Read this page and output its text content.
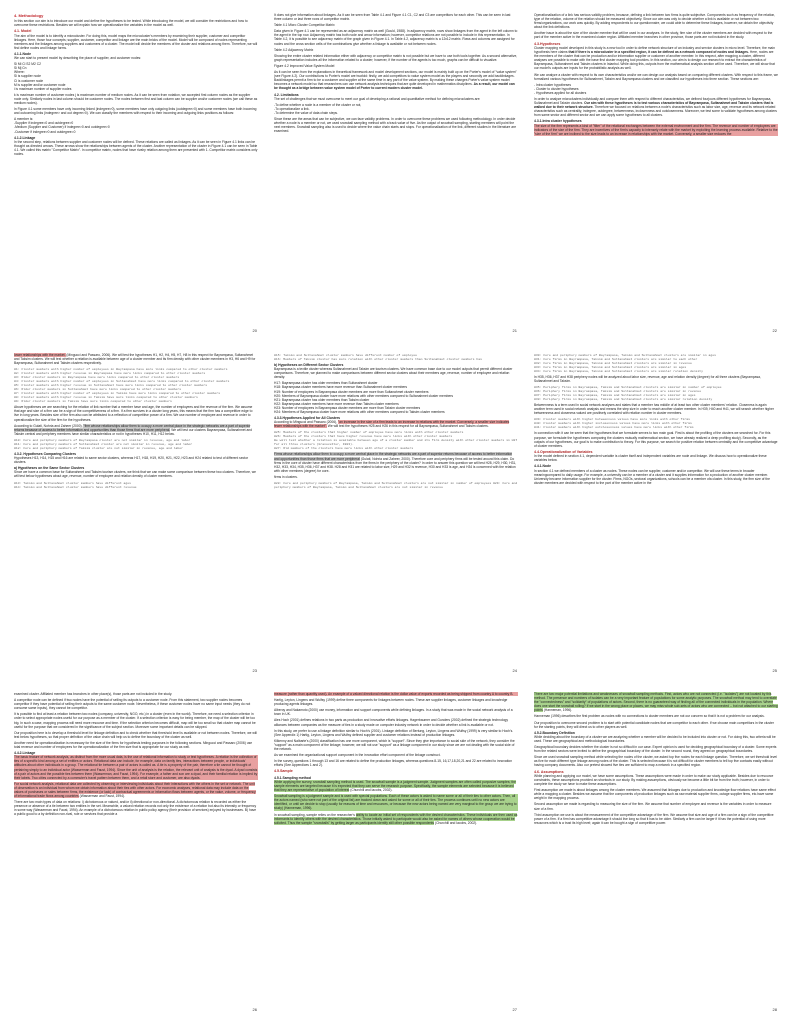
4. Methodology
In this section our aim is to introduce our model and define the hypotheses to be tested. While introducing the model, we will consider the restrictions and how to overcome these restrictions. Besides we will explain how we operationalize the variables in the model as well.
4.1. Model
The aim of the model is to identify a microcluster. For doing this, model maps the microcluster's members by examining their supplier, customer and competitor linkages. Here, those four concepts; supplier, customer, competitor and linkage are the main bricks of the model. Model will be composed of nodes representing members and the linkages among suppliers and customers of a cluster. The model will decide the members of the cluster and relations among them. Therefore, we will find define nodes and linkage forms.
4.1.1.Node
We can start to present model by describing the place of supplier, and customer nodes:
Si Mi Ci S2 M2 C2
Si Mj Cn
Where:
Si is supplier node
Ci is customer node
M is supplier and/or customer node
i is maximum number of supplier nodes
k is maximum number of customer nodes j is maximum number of medium nodes. As it can be seen from notation, we accepted first column nodes as the supplier node only. Similarly nodes in last column should be customer nodes. The nodes between first and last column can be supplier and/or customer nodes (we call these as medium nodes).
In Figure 4.1 some members have only incoming linked (indegree>0), some members have only outgoing links (outdegree>0) and some members have both incoming and outcoming links (indegree> and out degree>0). We can classify the members with respect to their incoming and outgoing links positions as follows:
A member is:
-Supplier if indegree=0 and outdegree>0
-Medium (Supplier and Customer) if indegree>0 and outdegree>0
-Customer if indegree>0 and outdegree=0
4.1.2.Linkage
In the second step, relations between supplier and customer nodes will be defined. These relations are called as linkages. As it can be seen in Figure 4.1 links can be thought as directed arrows. These arrows show the relationships between agents of the cluster. Another representation of the cluster in Figure 4.1 can be seen in Table 4.1. We called this matrix "Competitor Matrix". In competitor matrix, nodes that have rivalry relation among them are presented with 1. Competitor matrix considers only nodes.
20
It does not give information about linkages. As it can be seen from Table 4.1 and Figure 4.1 C1, C2 and C3 are competitors for each other. This can be seen in last three column or last three rows of competitor matrix.
Table 4.1 Micro Cluster Competitor Matrix
Data given in Figure 4.1 can be represented as an adjacency matrix as well (Gould, 1988). In adjacency matrix, rows show linkages from the agent in the left column to the agent in the top row. Adjacency matrix has both node and arrow information; however, competitor relations are not possible to include in this representation. In Table 4.2, it is possible to see adjacency matrix of the graph given in Figure 4.1. In Table 4.2, adjacency matrix is a 12x12 matrix. Rows and columns are assigned for nodes and the cross section cells of the combinations give whether a linkage is available or not between nodes.
Table 4.2 Adjacency Matrix
Showing the entire cluster related information either with adjacency or competitor matrix is not possible but we have to use both tools together. As a second alternative, graph representation includes all the information related to a cluster; however, if the number of the agents is too much, graphs can be difficult to visualize.
Figure 4.2 Improved Value System Model
As it can be seen from the explanations in theoretical framework and model development sections, our model is mainly built up on the Porter's model of "value system" (see Figure 4.2). Our contributions to Porter's model are twofold: firstly, we add competitors to value system model as the players and secondly we add backlinkages. Backlinkages permit a firm to be a customer and supplier at the same time in any part of the value system. By making these changes Porter's value system model becomes a network model so that researchers can use network analysis techniques that are quite developed in mathematics disciplines. As a result, our model can be thought as a bridge between value system model of Porter to current modern cluster model.
4.2. Limitations
The set of challenges that we must overcome to meet our goal of developing a rational and quantitative method for defining microclusters are:
-To define whether a node is a member of the cluster or not,
-To operationalize a link.
-To determine the value of data chain steps.
Since these are the areas that can be subjective, we can face validity problems. In order to overcome these problems we used following methodology. In order decide whether a node is a member or not, we used snowball sampling method with a track value of five. As the output of snowball sampling, starting members will point the next members. Snowball sampling also is used to decide where the value chain starts and stops. For operationalization of the link, different studies in the literature are examined.
21
Operationalization of a link has serious validity problem, because, defining a link between two firms is quite subjective. Components such as frequency of the relation, type of the relation, volume of the relation should be measured objectively. Since our aim was only to decide whether a link is available or not between two firms/organizations, our work was quickly. By adding respondents to our questionnaire, we could able to determine these linkages, however, we obtain the objectivity about the link definitions.
Another issue is about the size of the cluster member that will be used in our analyses. In the study, firm size of the cluster members are decided with respect to the part of the member active in the examined cluster region. Affiliated member branches in other province, those parts are not included in the study.
4.3.Hypotheses
Cluster mapping model developed in this study is a new tool in order to define network structure of an industry and service clusters in micro level. Therefore, the main hypothesis here claims that if there is a microcluster in a specified region, it can be defined as a network composed of nodes and linkages. Here, nodes are the members of the cluster that can be production and/or information supplier or customer of another member. In this respect, after mapping a cluster, different analyses are possible to make with the base first cluster mapping tool provides. In this section, our aim is to design our research to extract the characteristics of Bayrampasa, Sultanahmet and Taksim clusters in Istanbul. While doing this, outputs from the mathematical analysis section will be used. Therefore, we will show that our model's outputs are inputs for the probabilistic analysis as well.
We can analyze a cluster with respect to its own characteristics and/or we can design our analysis based on comparing different clusters. With respect to this frame, we formalized various hypotheses for Sultanahmet, Taksim and Bayrampasa clusters and we classified our hypotheses into three section. These sections are:
- Intra cluster hypotheses
- Cluster to cluster hypotheses
- Hypotheses applied for all clusters
In order to analyze microclusters individually and compare them with respect to different characteristics, we defined fourjours different hypotheses for Bayrampasa, Sultanahmet and Taksim clusters. Our aim with these hypotheses is to test various characteristics of Bayrampasa, Sultanahmet and Taksim clusters that is walked due to their network structure. Therefore we focused on relations between a node's characteristics such as labor size, age, revenue and its network related characteristics such as centrality, indegree, outdegree, betweenness, inclosenness and outclosenness. Moreover, we test some to validate hypotheses among clusters from same sector and different sector and we can apply some hypotheses to all clusters.
4.3.1.Intra cluster hypotheses
The size of the firm represents a kind of "filter" of the relational exchanges between the external environment and the firm. The revenue and number of employees are indicators of the size of the firm. They are incentives of the firm's capacity to intensely relate with the market by exploiting the learning process available. Relative to the "size of the firm" we are inclined to the size leads to an increase in relationships with the market. Conversely, a smaller size reduces the
22
lower relationships with the market. (Mingucci and Passaro, 2006). We will test the hypotheses H1, H2, H4, H5, H7, H8 in this respect for Bayrampasa, Sultanahmet and Taksim clusters. We will test whether a relation is available between age of a cluster member and its firm density with other cluster members in H3, H6 and H9 for Bayrampasa, Sultanahmet and Taksim clusters respectively.
H1: Cluster members with higher number of employees in Bayrampasa have more links compared to other cluster members
H2: Cluster members with higher revenue in Bayrampasa have more links compared to other cluster members
H3: Older cluster members in Bayrampasa have more links compared to other cluster members
H4: Cluster members with higher number of employees in Sultanahmet have more links compared to other cluster members
H5: Cluster members with higher revenue in Sultanahmet have more links compared to other cluster members
H6: Older cluster members in Sultanahmet have more links compared to other cluster members
H7: Cluster members with higher number of employees in Taksim have more links compared to other cluster members
H8: Cluster members with higher revenue in Taksim have more links compared to other cluster members
H9: Older cluster members in Taksim have more links compared to other cluster members
Above hypotheses we are searching for the relation of link number that a member have and age, the number of employees and the revenue of the firm. We assume that age and size of a firm can be a sign of the competitiveness of a firm. If a firm survives in a cluster long years, this means that the firm has a competitive edge to live in long years. Besides size of the firm also can be attributed to a reflection of competitive power of a firm. We use number of employee and revenue in order to operationalize the size of the firm for the hypotheses.
According to Gulati, Nohria and Zaheer (2000), "firm whose relationships allow them to occupy a more central place in the strategic networks are a part of superior returns because of access to better information and opportunities than those firms that are more peripheral. We will test our clusters Bayrampasa, Sultanahmet and Taksim central and periphery members have similar characteristics or not in hypotheses H10, H11, H12 below.
H10: Core and periphery members of Bayrampasa cluster are not similar in revenue, age and labor
H11: Core and periphery members of Sultanahmet cluster are not similar in revenue, age and labor
H12: Core and periphery members of Taksim cluster are not similar in revenue, age and labor
4.3.2. Hypotheses Comparing Clusters
Hypotheses H13, H14, H15 and H16 are related to same sector clusters, whereas H17, H18, H19, H20, H21, H22, H23 and H24 related to test of different sector clusters.
a) Hypotheses on the Same Sector Clusters
Since we have a common base for Sultanahmet and Taksim tourism clusters, we think that we can make some comparison between these two clusters. Therefore, we will test below hypotheses about age, revenue, number of employee and relation density of cluster members.
H13: Taksim and Sultanahmet cluster members have different ages
H14: Taksim and Sultanahmet cluster members have different revenue
23
H15: Taksim and Sultanahmet cluster members have different number of employee
H16: Members of Taksim cluster has more relation with other cluster members than Sultanahmet cluster members has
b) Hypotheses on Different Sector Clusters
Bayrampasa is a textile cluster whereas Sultanahmet and Taksim are tourism clusters. We have common base due to our model outputs that permit different cluster comparisons. Therefore, we planned to make comparisons between different sector clusters about their members age, revenue, number of employee and relation density.
H17: Bayrampasa cluster has older members than Sultanahmet cluster
H18: Bayrampasa cluster members have more revenue than Sultanahmet cluster members
H19: Number of employees in Bayrampasa cluster members are more than Sultanahmet cluster members
H20: Members of Bayrampasa cluster have more relations with other members compared to Sultanahmet cluster members
H21: Bayrampasa cluster has older members than Taksim cluster
H22: Bayrampasa cluster members have more revenue than Taksim cluster members
H23: Number of employees in Bayrampasa cluster members are more than Taksim cluster members
H24: Members of Bayrampasa cluster have more relations with other members compared to Taksim cluster members
4.3.3.Hypotheses Applied for All Clusters
According to Mingucci and Passaro (2006), "an increase in the size of a firm leads to an increase in relations with the market. Conversely, a smaller size indicates fewer relationships with the market". We will test the hypotheses H25 and H26 in this respect for all Bayrampasa, Sultanahmet and Taksim clusters.
H25: Members of the clusters that higher number of employee have more links with other cluster members
H26: Members of the clusters that have higher revenue have more links with other cluster members
We will test whether a relation is available between age of a cluster member and its firm density with other cluster members in H27 for all three clusters (Granovetter, 1983).
H27: Old members of the clusters have more links with other cluster members
Firms whose relationships allow them to occupy a more central place in the strategic networks are a part of superior returns because of access to better information and opportunities than those firms that are more peripheral (Gulati, Nohria and Zaheer, 2000). Therefore core and periphery firms will be tested around this claim. Do firms in the core of cluster have different characteristics from the firms in the periphery of the cluster? In order to answer this question we will test H28, H29, H30, H31, H32, H33, H34, H35, H36, H37 and H38. H28 and H31 are related to labor size, H29 and H32 is revenue, H30 and H33 is age, and H34 is concerned with the relation with other members (degree) for core-
firms in clusters.
H28: Core and periphery members of Bayrampasa, Taksim and Sultanahmet clusters are not similar in number of employees H29: Core and periphery members of Bayrampasa, Taksim and Sultanahmet clusters are not similar in revenue
24
H30: Core and periphery members of Bayrampasa, Taksim and Sultanahmet clusters are similar in ages
H31: Core firms in Bayrampasa, Taksim and Sultanahmet clusters are similar to each other
H32: Core firms in Bayrampasa, Taksim and Sultanahmet clusters are similar in revenue
H33: Core firms in Bayrampasa, Taksim and Sultanahmet clusters are similar in ages
H34: Core firms in Bayrampasa, Taksim and Sultanahmet clusters are similar relation density
In H35, H36, H37 and H38 periphery nodes will be analyzed about labor size, revenue, age and relation density (degree) for all three clusters (Bayrampasa, Sultanahmet and Taksim.
H35: Periphery firms in Bayrampasa, Taksim and Sultanahmet clusters are similar in number of employee
H36: Periphery firms in Bayrampasa, Taksim and Sultanahmet clusters are similar in revenue
H37: Periphery firms in Bayrampasa, Taksim and Sultanahmet clusters are similar in ages
H38: Periphery firms in Bayrampasa, Taksim and Sultanahmet clusters are similar relation density
Betweenness is a term used in social network analyses and states that a member has middle of at least two other cluster members' relation. Closeness is again another term used in social network analysis and means the step size in order to reach another cluster member. In H39, H40 and H41, we will search whether higher betweenness and closeness valued are positively correlated with relation number in cluster members.
H39: Cluster members with higher betweenness values have more links with other firms
H40: Cluster members with higher inclosenness values have more links with other firms
H41: Cluster members with higher outclosenness values have more links with other firms
In connection with it can be seen that the hypotheses that we formulate serves to two main goal. First is about the profiling of the clusters we searched for. For this purpose, we formulate the hypotheses comparing the clusters mutually mathematical section, we have already realized a deep profiling study). Secondly, as the outputs of our hypotheses, our goal is to make contribution to theory. For this purpose, we search for positive relation between centrality and the competitive advantage of cluster members.
4.4.Operationalization of Variables
In the model defined in section 4.1, dependent variable is cluster itself and independent variables are node and linkage. We discuss how to operationalize these variables below.
4.4.1.Node
In section 4.1 we defined members of a cluster as nodes. These nodes can be supplier, customer and/or competitor. We will use these terms in broader meaningcompared to daily usage. For example, a university can be a member of a cluster and it supplies information for a production of another cluster member. University become information supplier for the cluster. Firms, NGOs, sectoral organizations, schools can be a member ofa cluster. In this study, the firm size of the cluster members are decided with respect to the part of the member active in the
25
examined cluster. Affiliated member has branches in other place(s), those parts are not included in the study.
A competitor node can be defined if two nodes have the potential of selling its outputs to a customer node. From this statement, two supplier nodes becomes competitor if they have potential of selling their outputs to the same customer node. Nevertheless, if these customer nodes have no same input needs (they do not consume same inputs), they cannot be competitor.
It is possible to find at least a relation between two nodes (company, university, NGO, etc.) in a cluster (even in the world). Therefore, we need a selection criterion in order to select appropriate nodes useful for our purpose as a member of the cluster. If a selection criterion is easy for being member, the map of the cluster will be too big. In such a case, mapping process will need more resource and time. If the selection criterion becomes difficult, map will be too small so that cluster map cannot be useful for the purpose that we considered in the significance of the subject section. Moreover some important details can be skipped.
Our proposition here is to develop a threshold level for linkage definition and to check whether that threshold level is available or not between nodes. Therefore, we will test below hypotheses, so that proper definition of the value chain will help us to define the boundary of the cluster as well.
Another need for operationalization is necessary for the size of the firms for hypothesis testing purposes in the following sections. Mingucci and Passaro (2006) use total revenue and number of employees for the operationalization of the firm size that is appropriate for our study as well.
4.4.2.Linkage
The basic feature of network analysis, as distinct from the more usual data, is the use of relational information to study or test hypotheses. A relation is the collection of ties of a specific kind among a set of entities or actors. Relational data can include, for example, data on family ties, interactions between people, or individuals' attitudes about other individuals in a group. The relational tie between a pair of actors is called as. A tie is a property of the pair, therefore a tie cannot be thought of pertaining simply to an individual actor (Wasserman and Faust, 1994). Since the unit of analysis is the relation, the relevant unit of analysis is the dyad. A dyad consists of a pair of actors and the possible ties between them (Wasserman, and Faust, 1994). For example, a father and son are a dyad, and their familial relation is implied by their labels. Two cities connected by a commuter's travel pattern between them, and a retail store and customer, are also dyads.
For social network analysis, relational data are collected by observing or interviewing individuals about their interactions with the others in the set or network. The unit of observation is an individual from whom we obtain information about their ties with other actors. For economic analyses, relational data may include data on the values of purchases or sales between firms, the existence (or lack) of contractual agreements or information flows between agents, or the value, volume, or frequency of informational trade flows among countries (Wasserman and Faust, 1994).
There are two main types of data on relations: i) dichotomous or valued, and/or ii) directional or non-directional. A dichotomous relation is recorded as either the presence or absence of a tie between two entities in the set. Meanwhile, a valued relation records not only the existence of a relation but also its intensity or frequency in some way (Wasserman and Faust, 1994). An example of a dichotomous relation in public policy agency (their provision of services) enjoyed by businesses. B) have a public good to a by definition non-rival, rule or services that provide a
26
measure (rather than quantity used). An example of a valued directional relation is the dollar value of exports recorded as being shipped from country A to country B.
Hartig, Leyton, Lingens and Wulfsy (1999) define three components for linkages between nodes. These are supplier linkages, customer linkages and knowledge producing agents linkages.
Alberoy and Nakamoto (2000) use money, information and support components while defining linkages. In a study that was made in the social network analysis of a town in UK.
Ales Hoch (2001) defines relations in two parts as production and innovative efforts linkages. Hagerbaumer and Gunders (2002) defined the strategic technology alliances between companies as the measure of ties in a study made on computer industry network in order to decide whether a link is available or not.
In this study, we prefer to use a linkage definition similar to Hoch's (2001). Linkage definition of Bertung, Leyton, Lingens and Wulfsy (1999) is very similar to Hoch's. (See Appendix 1) Hartig, Leyton, Lingens and Wulfsy defined supplier and customer relations instead of production linkages.
Kilkenny and Nalbarte's (2000) classification has one more component, which is "support". Since they give importance to social side of the network, they consider the "support" as a main component of the linkage; however, we will not use "support" as a linkage component in our study since we are not dealing with the social side of the network.
As we examined the organizational support component in the innovation effort component of the linkage construct.
In the survey, questions 1 through 13 and 16 are related to define the production linkages, whereas questions 8-15, 16,17,18,20,21 and 22 are related to innovation efforts (See Appendices 1 and 2).
4.5.Sample
4.5.1.Sampling method
While applying the survey, snowball sampling method is used. The snowball sample is a judgment sample. Judgment samples are often called purposive samples; the sample elements are targeted because it is expected that they can serve the research purpose. Specifically, the sample elements are selected because it is believed that they are representative of population of interest (Churchill and Iacobs, 2002).
Snowball sampling is a judgment sample and is used with special populations. Each of these actors is asked to name some or all of their ties to other actors. Then, all the actors named (who were not part of the original list) are tracked down and asked for some or all of their ties. The process continues until no new actors are identified, or until we decide to stop (usually for reasons of time and resources, or because the new actors being named are very marginal to the group we are trying to study) (Hanneman, 1996).
In snowball sampling, sample relies on the researcher's ability to locate an initial set of respondents with the desired characteristics. These individuals are then used as informants to identify others with the desired characteristics. Those initially asked to participate would also be asked for names of others whose cooperation would be solicited. Thus the sample "snowballs" by getting larger as participants identify still other possible respondents (Churchill and Iacobs, 2002).
27
There are two major potential limitations and weaknesses of snowball sampling methods. First, actors who are not connected (i.e. "isolates") are not located by this method. The presence and numbers of isolates can be a very important feature of populations for some analytic purposes. The snowball method may tend to overstate the "connectedness" and "solidarity" of populations of actors. Second, there is no guaranteed way of finding all of the connected individuals in the population. Where does one start the snowball rolling? If we start in the wrong place or places, we may miss whole sub-sets of actors who are connected -- but not attached to our starting points (Hanneman, 1996).
Hanneman (1996) describes the first problem as nodes with no connections to cluster members are not our concern so that it is not a problem for our analysis.
Our proposition to overcome second problem is to start with potential candidate nodes that are competitor to each other. If we choose main competitors in the cluster for the starting points, they will direct us to other players as well.
4.5.2.Boundary Definition
While deciding about the boundary of a cluster we are analyzing whether a member will be decided to be included into cluster or not. For doing this, two criteria will be used. These are geographical and methodological boundaries.
Geographical boundary decides whether the cluster is not so difficult in our case. Expert opinion is used for deciding geographical boundary of a cluster. Some experts from the related sectors were invited to define the geographical boundary of the cluster. In the second round, they agreed on geographical boundaries.
Since we used snowball sampling method while selecting the nodes of the cluster, we asked top five nodes for each linkage question. Therefore, we set threshold level as five for each different type linkage among nodes of the cluster. This is selected because it is not difficult for cluster members to tell top five contacts easily without having company documents. Also our pretest showed five ties are sufficient to map a network in a specified region.
4.6. Assumptions
While planning and applying our model, we have some assumptions. These assumptions were made in order to make our study applicable. Besides due to resource constraints, these assumptions provided an shortcuts in our study. By making assumptions, obviously we became a little bit far from the truth; however, in order to complete the study we have to make these assumptions.
First assumption we made is about linkages among the cluster members. We assumed that linkages due to production and knowledge flow relations have same effect while a mapping a cluster. Besides we assume that the components of production linkages such as raw material supplier firms, outage supplier firms, etc.have same weight in the mapping process.
Second assumption we made is regarding to measuring the size of the firm. We assume that number of employee and revenue is the variables in order to measure size of a firm.
Third assumption we use is about the measurement of the competitive advantage of the firm. We assume that size and age of a firm can be a sign of the competitive power of a firm. If a firm has competitive advantage it should live long so that it has to be older. Similarly a firm can be larger if it has the potential of using more resources which is a trust its high level; again it can be bought a sign of competitive power.
28
